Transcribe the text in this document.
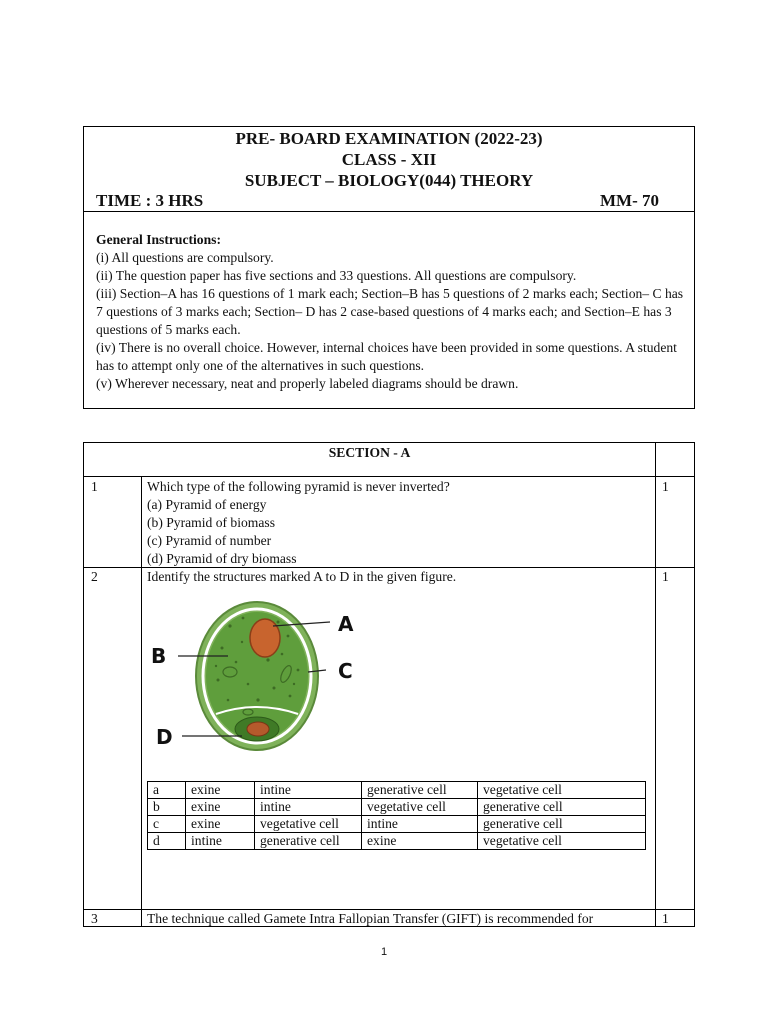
PRE- BOARD EXAMINATION (2022-23)
CLASS - XII
SUBJECT – BIOLOGY(044) THEORY
TIME : 3 HRS	MM- 70
General Instructions:
(i) All questions are compulsory.
(ii) The question paper has five sections and 33 questions. All questions are compulsory.
(iii) Section–A has 16 questions of 1 mark each; Section–B has 5 questions of 2 marks each; Section– C has 7 questions of 3 marks each; Section– D has 2 case-based questions of 4 marks each; and Section–E has 3 questions of 5 marks each.
(iv) There is no overall choice. However, internal choices have been provided in some questions. A student has to attempt only one of the alternatives in such questions.
(v) Wherever necessary, neat and properly labeled diagrams should be drawn.
SECTION - A
1	Which type of the following pyramid is never inverted?
(a) Pyramid of energy
(b) Pyramid of biomass
(c) Pyramid of number
(d) Pyramid of dry biomass
1
2	Identify the structures marked A to D in the given figure.	1
A
B
C
D
a	exine	intine	generative cell	vegetative cell
b	exine	intine	vegetative cell	generative cell
c	exine	vegetative cell	intine	generative cell
d	intine	generative cell	exine	vegetative cell
3	The technique called Gamete Intra Fallopian Transfer (GIFT) is recommended for	1
1
